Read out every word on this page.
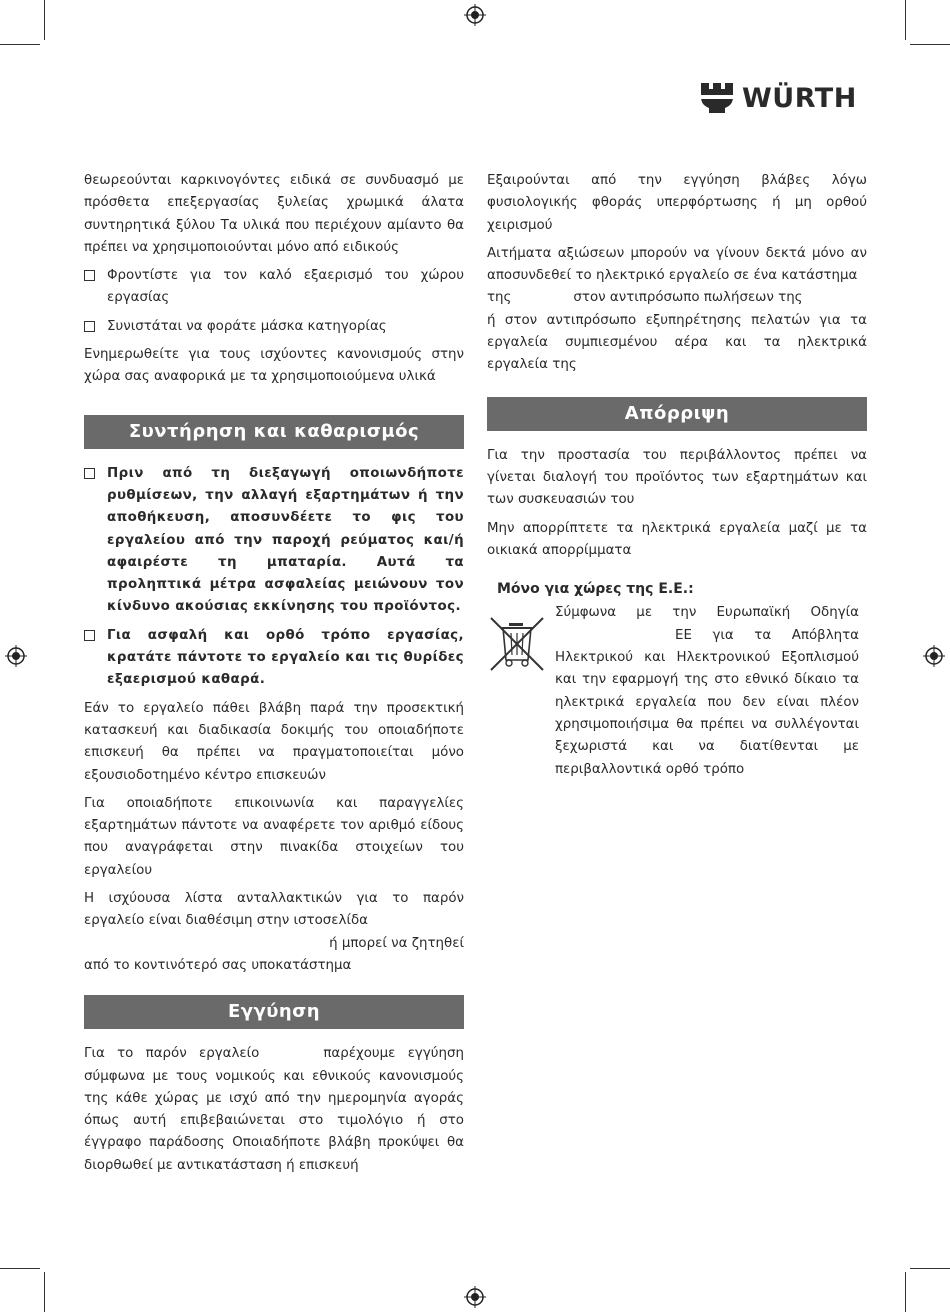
WÜRTH

θεωρεούνται καρκινογόντες ειδικά σε συνδυασμό με πρόσθετα επεξεργασίας ξυλείας χρωμικά άλατα συντηρητικά ξύλου Τα υλικά που περιέχουν αμίαντο θα πρέπει να χρησιμοποιούνται μόνο από ειδικούς

Φροντίστε για τον καλό εξαερισμό του χώρου εργασίας
Συνιστάται να φοράτε μάσκα κατηγορίας

Ενημερωθείτε για τους ισχύοντες κανονισμούς στην χώρα σας αναφορικά με τα χρησιμοποιούμενα υλικά

Συντήρηση και καθαρισμός
Πριν από τη διεξαγωγή οποιωνδήποτε ρυθμίσεων, την αλλαγή εξαρτημάτων ή την αποθήκευση, αποσυνδέετε το φις του εργαλείου από την παροχή ρεύματος και/ή αφαιρέστε τη μπαταρία. Αυτά τα προληπτικά μέτρα ασφαλείας μειώνουν τον κίνδυνο ακούσιας εκκίνησης του προϊόντος.
Για ασφαλή και ορθό τρόπο εργασίας, κρατάτε πάντοτε το εργαλείο και τις θυρίδες εξαερισμού καθαρά.

Εάν το εργαλείο πάθει βλάβη παρά την προσεκτική κατασκευή και διαδικασία δοκιμής του οποιαδήποτε επισκευή θα πρέπει να πραγματοποιείται μόνο εξουσιοδοτημένο κέντρο επισκευών

Για οποιαδήποτε επικοινωνία και παραγγελίες εξαρτημάτων πάντοτε να αναφέρετε τον αριθμό είδους που αναγράφεται στην πινακίδα στοιχείων του εργαλείου

Η ισχύουσα λίστα ανταλλακτικών για το παρόν εργαλείο είναι διαθέσιμη στην ιστοσελίδα

ή μπορεί να ζητηθεί
από το κοντινότερό σας υποκατάστημα
Εγγύηση

Για το παρόν εργαλείο	παρέχουμε εγγύηση σύμφωνα με τους νομικούς και εθνικούς κανονισμούς της κάθε χώρας με ισχύ από την ημερομηνία αγοράς όπως αυτή επιβεβαιώνεται στο τιμολόγιο ή στο έγγραφο παράδοσης Οποιαδήποτε βλάβη προκύψει θα διορθωθεί με αντικατάσταση ή επισκευή

Εξαιρούνται από την εγγύηση βλάβες λόγω φυσιολογικής φθοράς υπερφόρτωσης ή μη ορθού χειρισμού

Αιτήματα αξιώσεων μπορούν να γίνουν δεκτά μόνο αν αποσυνδεθεί το ηλεκτρικό εργαλείο σε ένα κατάστημα

της	στον αντιπρόσωπο πωλήσεων της

ή στον αντιπρόσωπο εξυπηρέτησης πελατών για τα εργαλεία συμπιεσμένου αέρα και τα ηλεκτρικά εργαλεία της

Απόρριψη

Για την προστασία του περιβάλλοντος πρέπει να γίνεται διαλογή του προϊόντος των εξαρτημάτων και των συσκευασιών του

Μην απορρίπτετε τα ηλεκτρικά εργαλεία μαζί με τα οικιακά απορρίμματα

Μόνο για χώρες της Ε.Ε.:
Σύμφωνα με την Ευρωπαϊκή Οδηγία
ΕΕ για τα Απόβλητα
Ηλεκτρικού και Ηλεκτρονικού Εξοπλισμού και την εφαρμογή της στο εθνικό δίκαιο τα ηλεκτρικά εργαλεία που δεν είναι πλέον χρησιμοποιήσιμα θα πρέπει να συλλέγονται ξεχωριστά και να διατίθενται με περιβαλλοντικά ορθό τρόπο
